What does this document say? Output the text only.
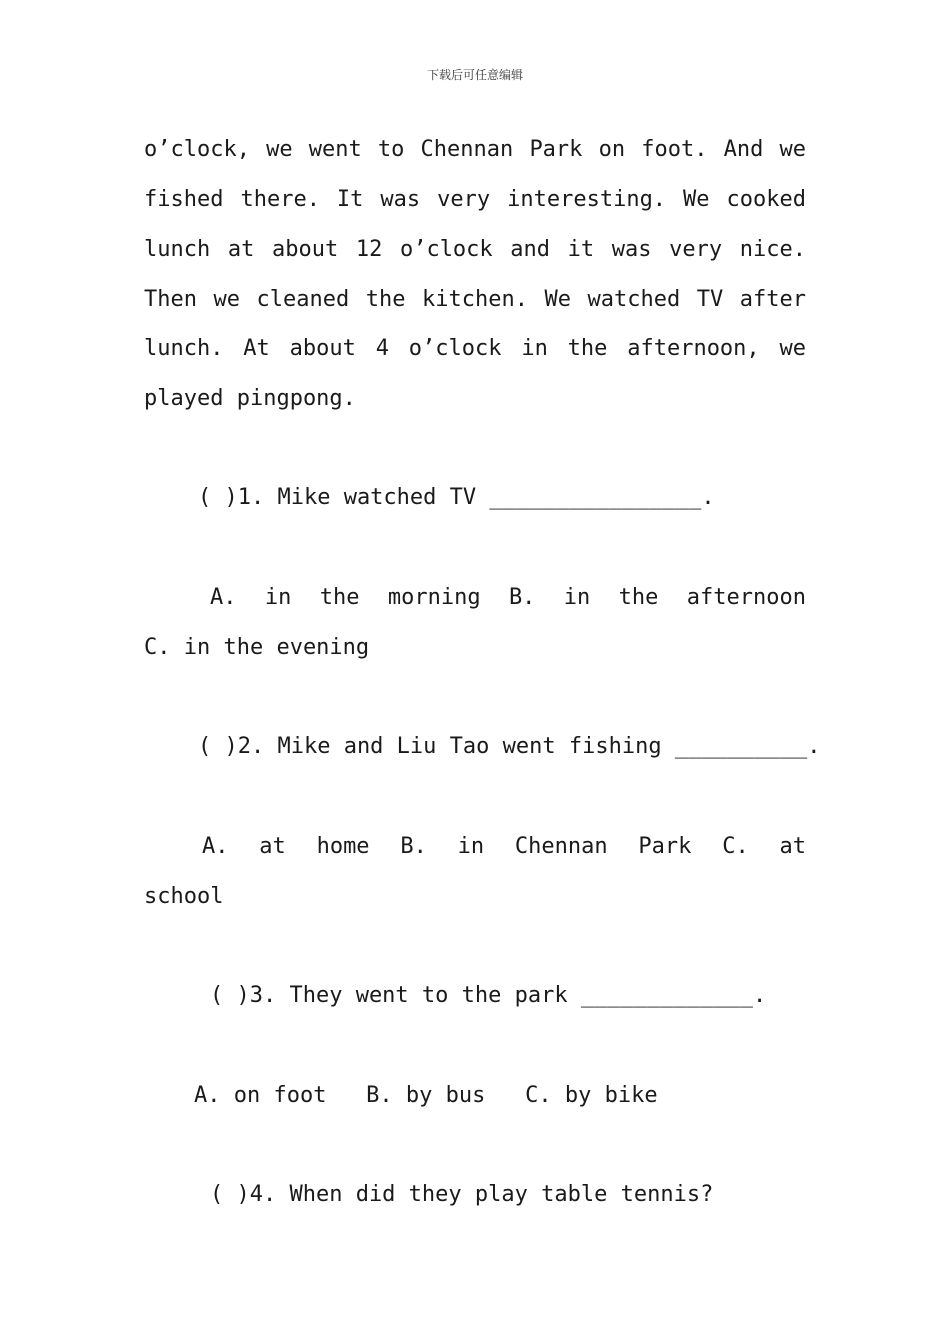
下载后可任意编辑
o’clock, we went to Chennan Park on foot. And we
fished there. It was very interesting. We cooked
lunch at about 12 o’clock and it was very nice.
Then we cleaned the kitchen. We watched TV after
lunch. At about 4 o’clock in the afternoon, we
played pingpong.
( )1. Mike watched TV ________________.
A. in the morning B. in the afternoon
C. in the evening
( )2. Mike and Liu Tao went fishing __________.
A. at home B. in Chennan Park C. at
school
( )3. They went to the park _____________.
A. on foot   B. by bus   C. by bike
( )4. When did they play table tennis?
